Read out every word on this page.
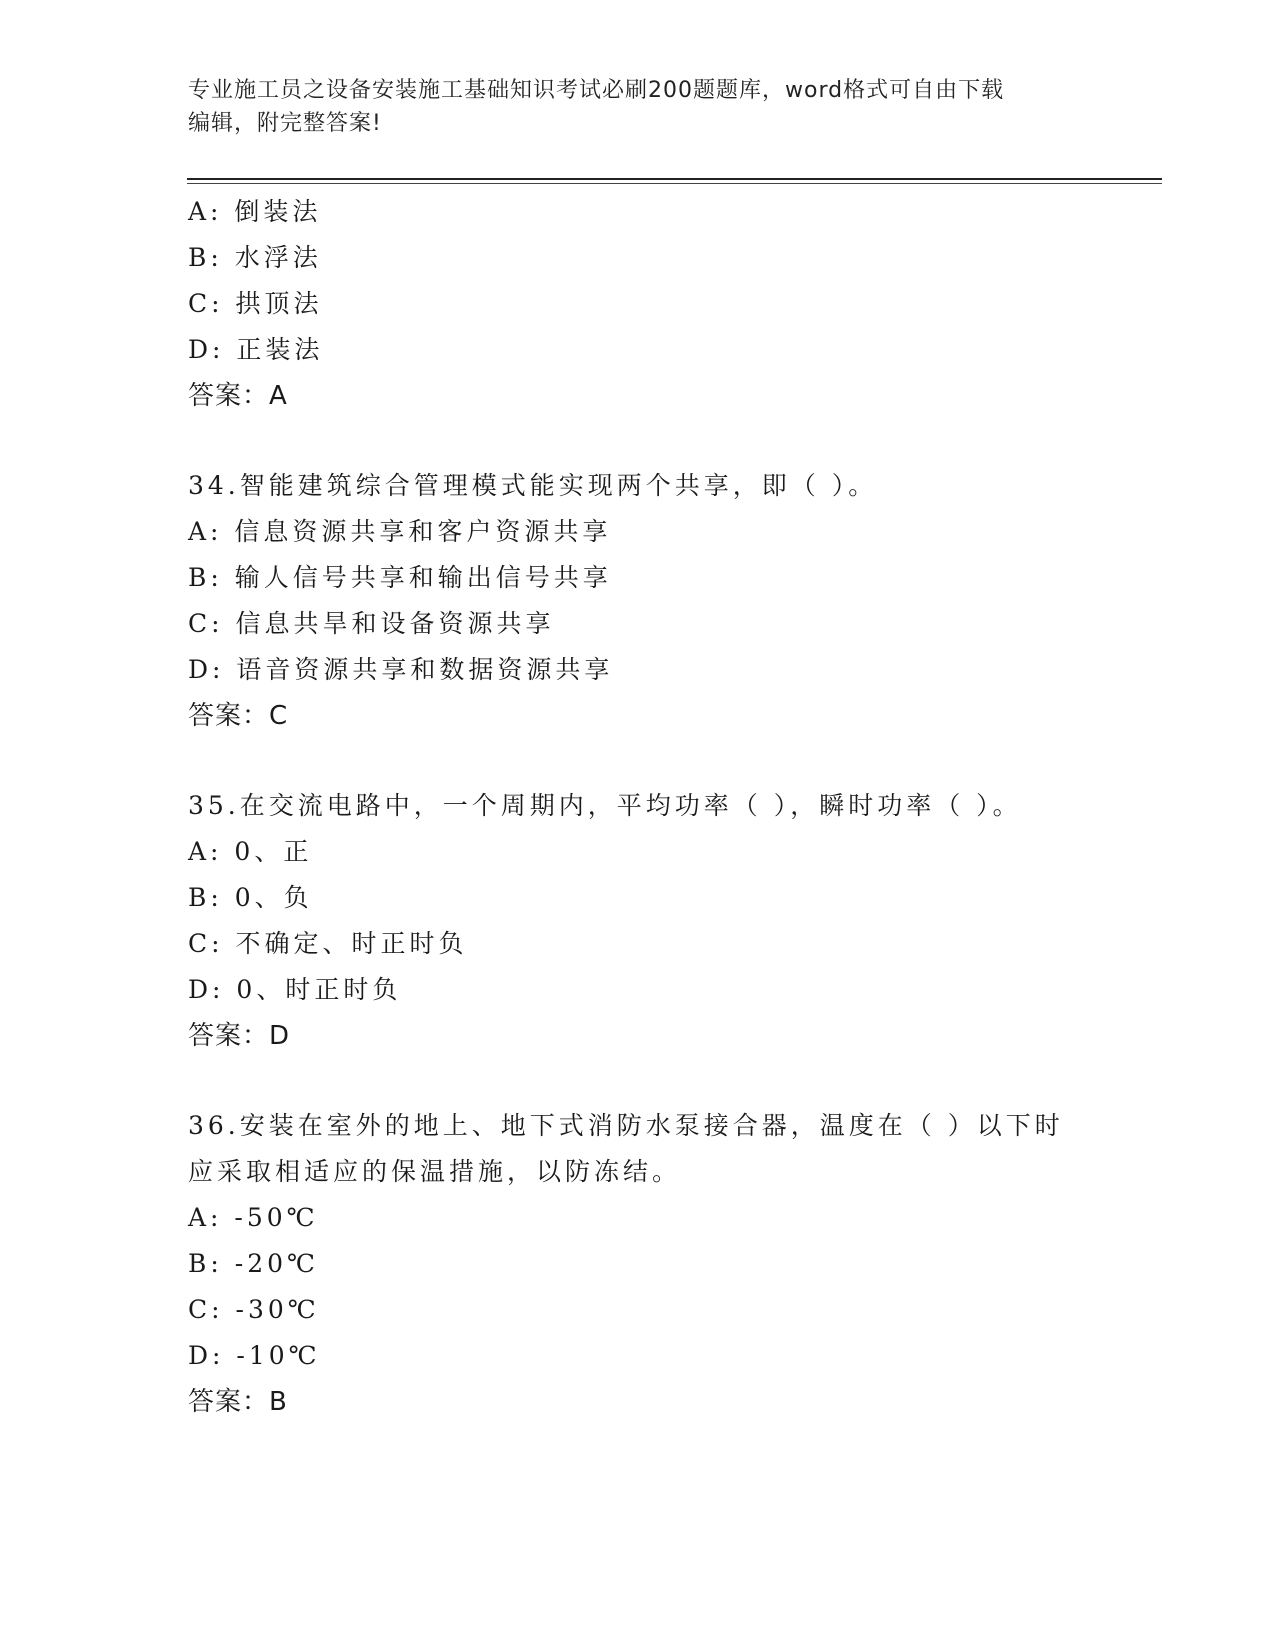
专业施工员之设备安装施工基础知识考试必刷200题题库，word格式可自由下载
编辑，附完整答案!
A: 倒装法
B: 水浮法
C: 拱顶法
D: 正装法
答案：A
34.智能建筑综合管理模式能实现两个共享，即（ ）。
A: 信息资源共享和客户资源共享
B: 输人信号共享和输出信号共享
C: 信息共旱和设备资源共享
D: 语音资源共享和数据资源共享
答案：C
35.在交流电路中，一个周期内，平均功率（ ），瞬时功率（ ）。
A: 0、正
B: 0、负
C: 不确定、时正时负
D: 0、时正时负
答案：D
36.安装在室外的地上、地下式消防水泵接合器，温度在（ ）以下时
应采取相适应的保温措施，以防冻结。
A: -50℃
B: -20℃
C: -30℃
D: -10℃
答案：B
